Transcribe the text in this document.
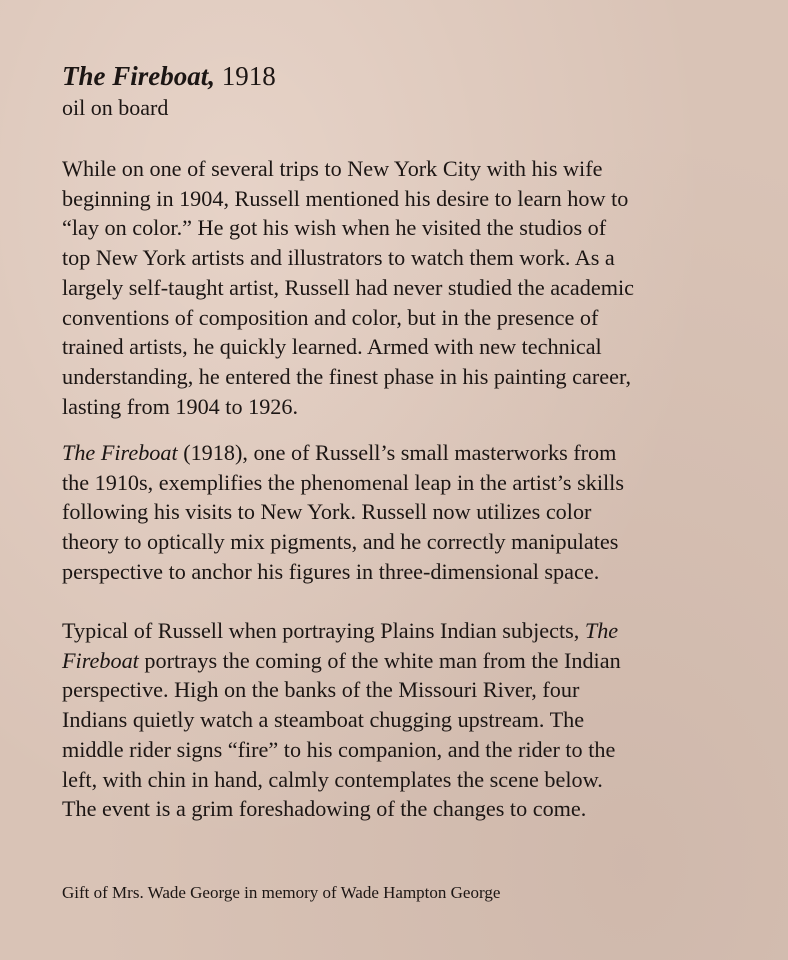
The Fireboat, 1918
oil on board
While on one of several trips to New York City with his wife
beginning in 1904, Russell mentioned his desire to learn how to
“lay on color.” He got his wish when he visited the studios of
top New York artists and illustrators to watch them work. As a
largely self-taught artist, Russell had never studied the academic
conventions of composition and color, but in the presence of
trained artists, he quickly learned. Armed with new technical
understanding, he entered the finest phase in his painting career,
lasting from 1904 to 1926.
The Fireboat (1918), one of Russell’s small masterworks from
the 1910s, exemplifies the phenomenal leap in the artist’s skills
following his visits to New York. Russell now utilizes color
theory to optically mix pigments, and he correctly manipulates
perspective to anchor his figures in three-dimensional space.
Typical of Russell when portraying Plains Indian subjects, The
Fireboat portrays the coming of the white man from the Indian
perspective. High on the banks of the Missouri River, four
Indians quietly watch a steamboat chugging upstream. The
middle rider signs “fire” to his companion, and the rider to the
left, with chin in hand, calmly contemplates the scene below.
The event is a grim foreshadowing of the changes to come.
Gift of Mrs. Wade George in memory of Wade Hampton George
